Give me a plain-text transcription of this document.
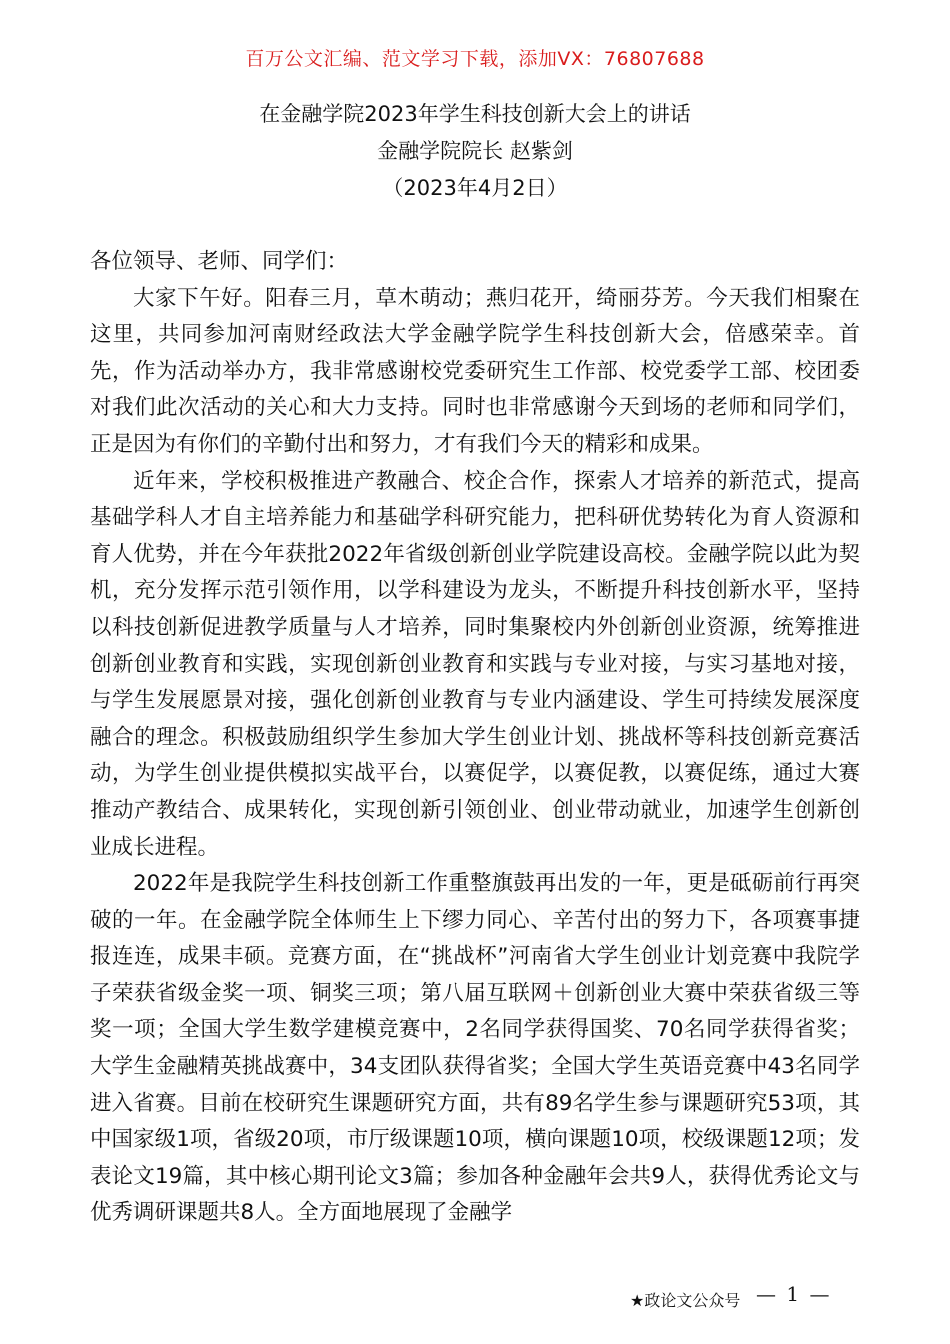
百万公文汇编、范文学习下载，添加VX：76807688
在金融学院2023年学生科技创新大会上的讲话
金融学院院长 赵紫剑
（2023年4月2日）

各位领导、老师、同学们：

大家下午好。阳春三月，草木萌动；燕归花开，绮丽芬芳。今天我们相聚在这里，共同参加河南财经政法大学金融学院学生科技创新大会，倍感荣幸。首先，作为活动举办方，我非常感谢校党委研究生工作部、校党委学工部、校团委对我们此次活动的关心和大力支持。同时也非常感谢今天到场的老师和同学们，正是因为有你们的辛勤付出和努力，才有我们今天的精彩和成果。

近年来，学校积极推进产教融合、校企合作，探索人才培养的新范式，提高基础学科人才自主培养能力和基础学科研究能力，把科研优势转化为育人资源和育人优势，并在今年获批2022年省级创新创业学院建设高校。金融学院以此为契机，充分发挥示范引领作用，以学科建设为龙头，不断提升科技创新水平，坚持以科技创新促进教学质量与人才培养，同时集聚校内外创新创业资源，统筹推进创新创业教育和实践，实现创新创业教育和实践与专业对接，与实习基地对接，与学生发展愿景对接，强化创新创业教育与专业内涵建设、学生可持续发展深度融合的理念。积极鼓励组织学生参加大学生创业计划、挑战杯等科技创新竞赛活动，为学生创业提供模拟实战平台，以赛促学，以赛促教，以赛促练，通过大赛推动产教结合、成果转化，实现创新引领创业、创业带动就业，加速学生创新创业成长进程。

2022年是我院学生科技创新工作重整旗鼓再出发的一年，更是砥砺前行再突破的一年。在金融学院全体师生上下缪力同心、辛苦付出的努力下，各项赛事捷报连连，成果丰硕。竞赛方面，在“挑战杯”河南省大学生创业计划竞赛中我院学子荣获省级金奖一项、铜奖三项；第八届互联网＋创新创业大赛中荣获省级三等奖一项；全国大学生数学建模竞赛中，2名同学获得国奖、70名同学获得省奖；大学生金融精英挑战赛中，34支团队获得省奖；全国大学生英语竞赛中43名同学进入省赛。目前在校研究生课题研究方面，共有89名学生参与课题研究53项，其中国家级1项，省级20项，市厅级课题10项，横向课题10项，校级课题12项；发表论文19篇，其中核心期刊论文3篇；参加各种金融年会共9人，获得优秀论文与优秀调研课题共8人。全方面地展现了金融学

★政论文公众号 — 1 —
